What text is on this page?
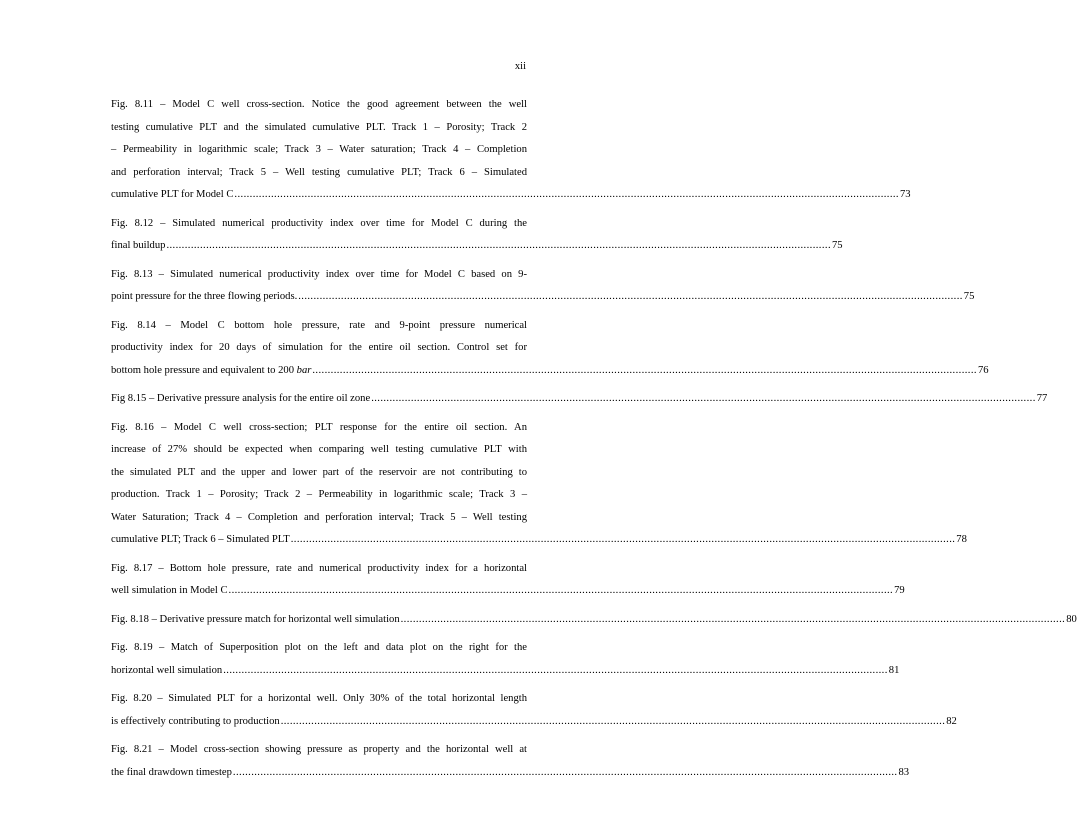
xii
Fig. 8.11 – Model C well cross-section. Notice the good agreement between the well
testing cumulative PLT and the simulated cumulative PLT. Track 1 – Porosity; Track 2
– Permeability in logarithmic scale; Track 3 – Water saturation; Track 4 – Completion
and perforation interval; Track 5 – Well testing cumulative PLT; Track 6 – Simulated
cumulative PLT for Model C .......................................................................................................................................................................................................................... 73
Fig. 8.12 – Simulated numerical productivity index over time for Model C during the
final buildup .......................................................................................................................................................................................................................... 75
Fig. 8.13 – Simulated numerical productivity index over time for Model C based on 9-
point pressure for the three flowing periods. .......................................................................................................................................................................................................................... 75
Fig. 8.14 – Model C bottom hole pressure, rate and 9-point pressure numerical
productivity index for 20 days of simulation for the entire oil section. Control set for
bottom hole pressure and equivalent to 200 bar .......................................................................................................................................................................................................................... 76
Fig 8.15 – Derivative pressure analysis for the entire oil zone .......................................................................................................................................................................................................................... 77
Fig. 8.16 – Model C well cross-section; PLT response for the entire oil section. An
increase of 27% should be expected when comparing well testing cumulative PLT with
the simulated PLT and the upper and lower part of the reservoir are not contributing to
production. Track 1 – Porosity; Track 2 – Permeability in logarithmic scale; Track 3 –
Water Saturation; Track 4 – Completion and perforation interval; Track 5 – Well testing
cumulative PLT; Track 6 – Simulated PLT .......................................................................................................................................................................................................................... 78
Fig. 8.17 – Bottom hole pressure, rate and numerical productivity index for a horizontal
well simulation in Model C .......................................................................................................................................................................................................................... 79
Fig. 8.18 – Derivative pressure match for horizontal well simulation .......................................................................................................................................................................................................................... 80
Fig. 8.19 – Match of Superposition plot on the left and data plot on the right for the
horizontal well simulation .......................................................................................................................................................................................................................... 81
Fig. 8.20 – Simulated PLT for a horizontal well. Only 30% of the total horizontal length
is effectively contributing to production .......................................................................................................................................................................................................................... 82
Fig. 8.21 – Model cross-section showing pressure as property and the horizontal well at
the final drawdown timestep .......................................................................................................................................................................................................................... 83
